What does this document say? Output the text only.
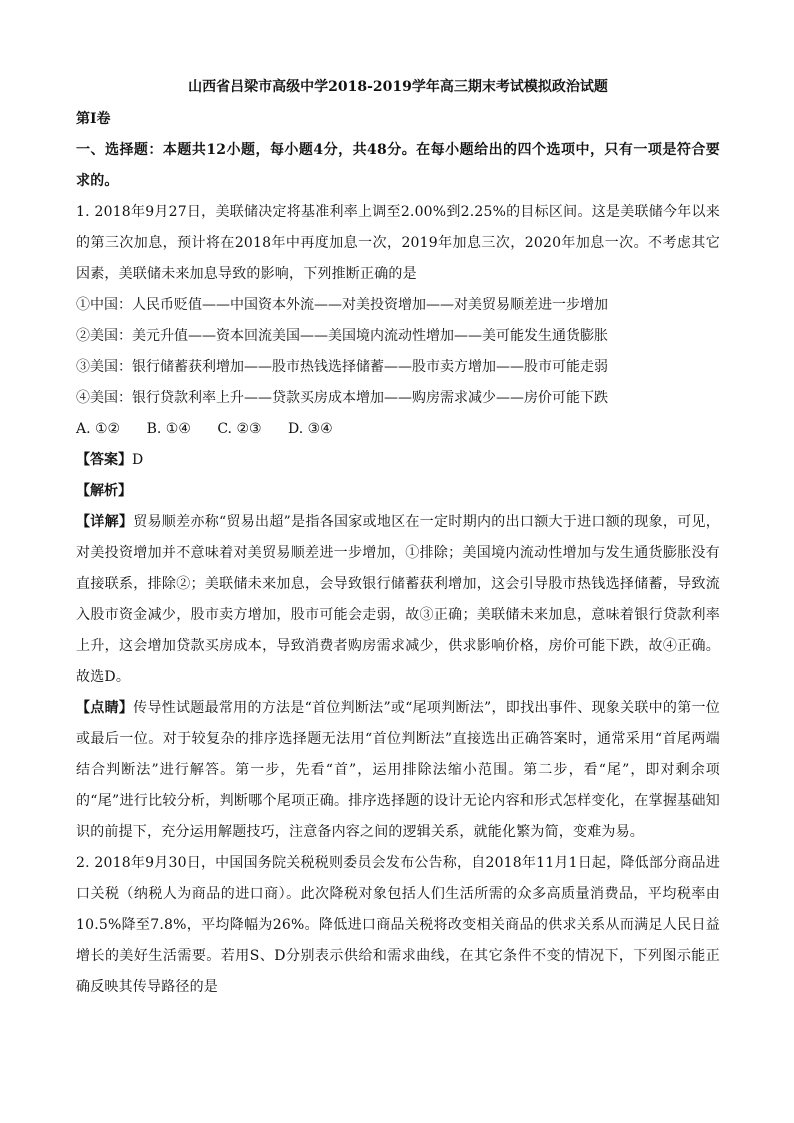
山西省吕梁市高级中学2018-2019学年高三期末考试模拟政治试题
第Ⅰ卷
一、选择题：本题共12小题，每小题4分，共48分。在每小题给出的四个选项中，只有一项是符合要求的。
1. 2018年9月27日，美联储决定将基准利率上调至2.00%到2.25%的目标区间。这是美联储今年以来的第三次加息，预计将在2018年中再度加息一次，2019年加息三次，2020年加息一次。不考虑其它因素，美联储未来加息导致的影响，下列推断正确的是
①中国：人民币贬值——中国资本外流——对美投资增加——对美贸易顺差进一步增加
②美国：美元升值——资本回流美国——美国境内流动性增加——美可能发生通货膨胀
③美国：银行储蓄获利增加——股市热钱选择储蓄——股市卖方增加——股市可能走弱
④美国：银行贷款利率上升——贷款买房成本增加——购房需求减少——房价可能下跌
A. ①② B. ①④ C. ②③ D. ③④
【答案】D
【解析】
【详解】贸易顺差亦称“贸易出超”是指各国家或地区在一定时期内的出口额大于进口额的现象，可见，对美投资增加并不意味着对美贸易顺差进一步增加，①排除；美国境内流动性增加与发生通货膨胀没有直接联系，排除②；美联储未来加息，会导致银行储蓄获利增加，这会引导股市热钱选择储蓄，导致流入股市资金减少，股市卖方增加，股市可能会走弱，故③正确；美联储未来加息，意味着银行贷款利率上升，这会增加贷款买房成本，导致消费者购房需求减少，供求影响价格，房价可能下跌，故④正确。故选D。
【点睛】传导性试题最常用的方法是“首位判断法”或“尾项判断法”，即找出事件、现象关联中的第一位或最后一位。对于较复杂的排序选择题无法用“首位判断法”直接选出正确答案时，通常采用“首尾两端结合判断法”进行解答。第一步，先看“首”，运用排除法缩小范围。第二步，看“尾”，即对剩余项的“尾”进行比较分析，判断哪个尾项正确。排序选择题的设计无论内容和形式怎样变化，在掌握基础知识的前提下，充分运用解题技巧，注意备内容之间的逻辑关系，就能化繁为简，变难为易。
2. 2018年9月30日，中国国务院关税税则委员会发布公告称，自2018年11月1日起，降低部分商品进口关税（纳税人为商品的进口商）。此次降税对象包括人们生活所需的众多高质量消费品，平均税率由10.5%降至7.8%，平均降幅为26%。降低进口商品关税将改变相关商品的供求关系从而满足人民日益增长的美好生活需要。若用S、D分别表示供给和需求曲线，在其它条件不变的情况下，下列图示能正确反映其传导路径的是
